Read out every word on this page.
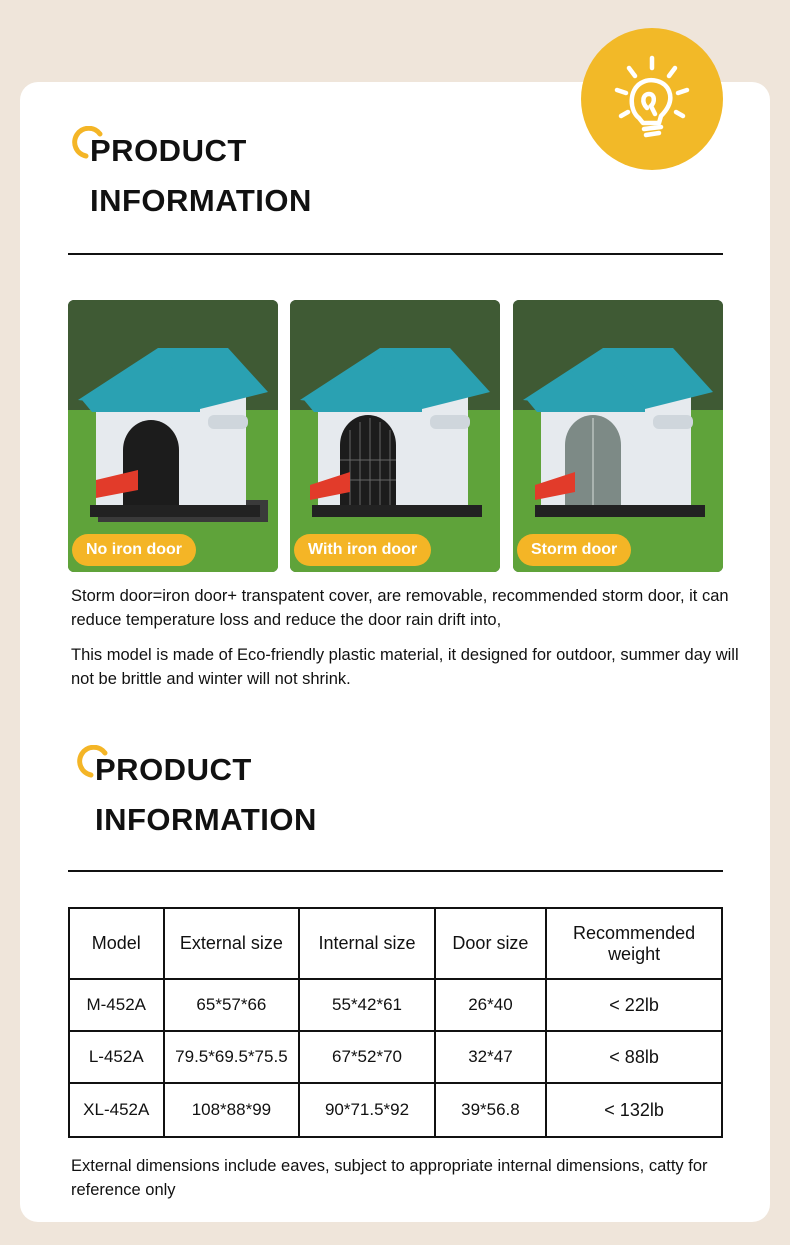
PRODUCT
INFORMATION
No iron door	With iron door	Storm door
Storm door=iron door+ transpatent cover, are removable, recommended storm door, it can reduce temperature loss and reduce the door rain drift into,
This model is made of Eco-friendly plastic material, it designed for outdoor, summer day will not be brittle and winter will not shrink.
PRODUCT
INFORMATION
Model	External size	Internal size	Door size	Recommended weight
M-452A	65*57*66	55*42*61	26*40	< 22lb
L-452A	79.5*69.5*75.5	67*52*70	32*47	< 88lb
XL-452A	108*88*99	90*71.5*92	39*56.8	< 132lb
External dimensions include eaves, subject to appropriate internal dimensions, catty for reference only
